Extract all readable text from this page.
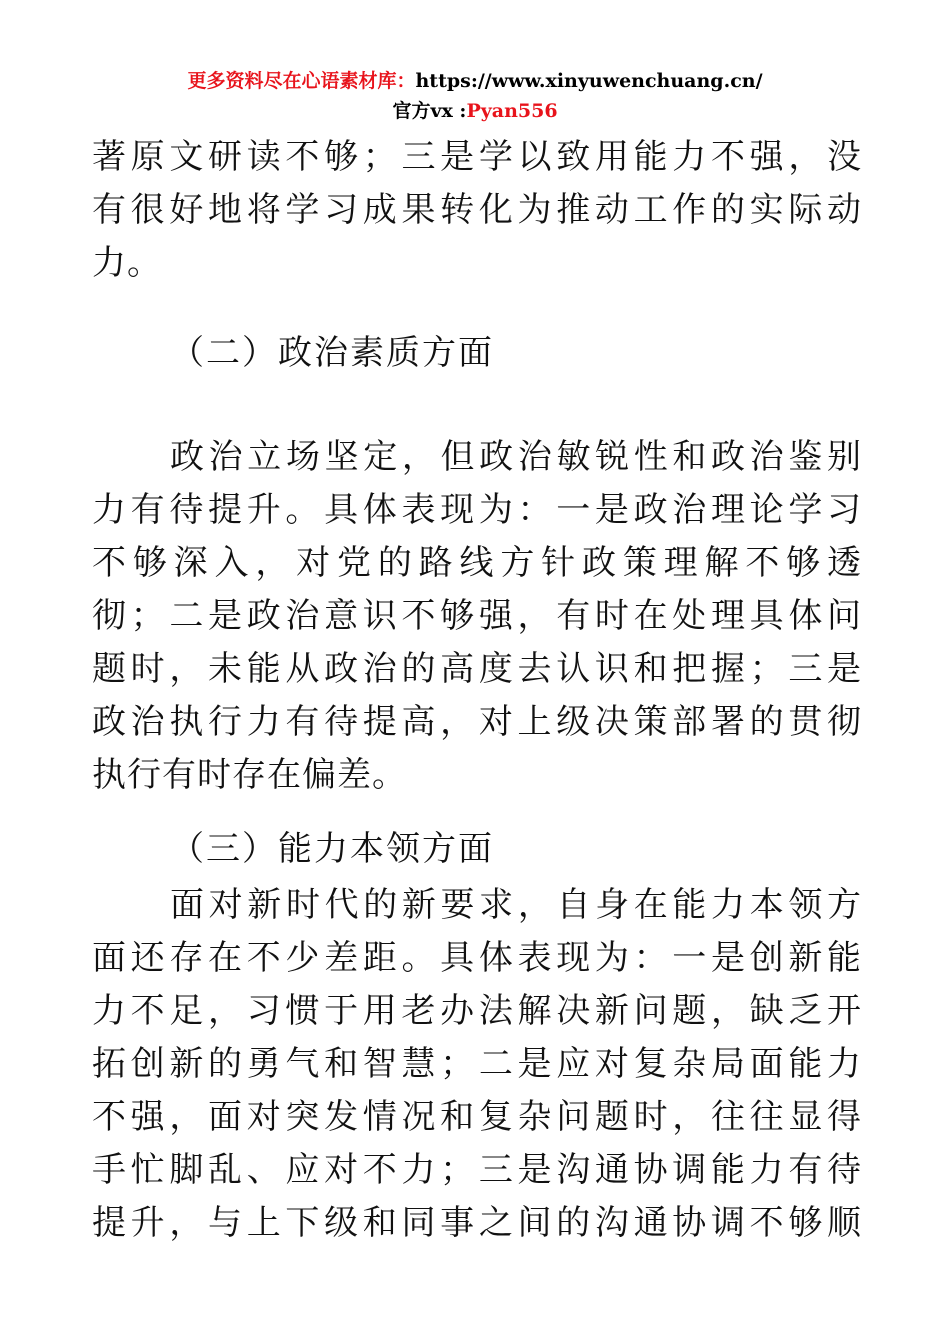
更多资料尽在心语素材库：https://www.xinyuwenchuang.cn/
官方vx :Pyan556
著原文研读不够；三是学以致用能力不强，没
有很好地将学习成果转化为推动工作的实际动
力。
（二）政治素质方面
政治立场坚定，但政治敏锐性和政治鉴别
力有待提升。具体表现为：一是政治理论学习
不够深入，对党的路线方针政策理解不够透
彻；二是政治意识不够强，有时在处理具体问
题时，未能从政治的高度去认识和把握；三是
政治执行力有待提高，对上级决策部署的贯彻
执行有时存在偏差。
（三）能力本领方面
面对新时代的新要求，自身在能力本领方
面还存在不少差距。具体表现为：一是创新能
力不足，习惯于用老办法解决新问题，缺乏开
拓创新的勇气和智慧；二是应对复杂局面能力
不强，面对突发情况和复杂问题时，往往显得
手忙脚乱、应对不力；三是沟通协调能力有待
提升，与上下级和同事之间的沟通协调不够顺
